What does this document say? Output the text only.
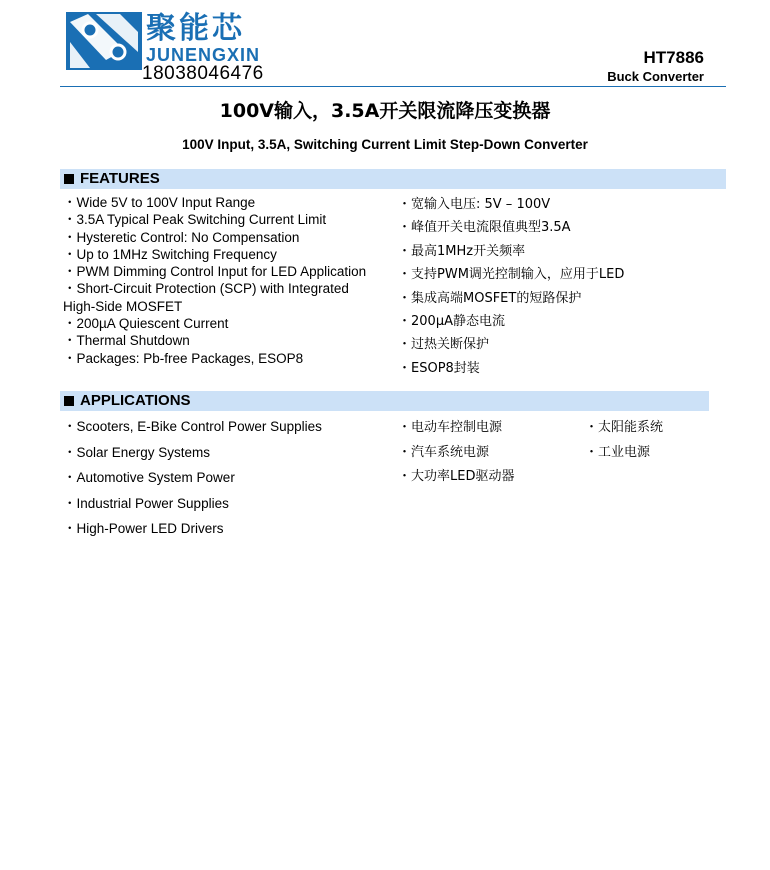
聚能芯
JUNENGXIN
18038046476
HT7886
Buck Converter
100V输入，3.5A开关限流降压变换器
100V Input, 3.5A, Switching Current Limit Step-Down Converter
FEATURES
・Wide 5V to 100V Input Range
・3.5A Typical Peak Switching Current Limit
・Hysteretic Control: No Compensation
・Up to 1MHz Switching Frequency
・PWM Dimming Control Input for LED Application
・Short-Circuit Protection (SCP) with Integrated
High-Side MOSFET
・200µA Quiescent Current
・Thermal Shutdown
・Packages: Pb-free Packages, ESOP8
・宽输入电压: 5V – 100V
・峰值开关电流限值典型3.5A
・最高1MHz开关频率
・支持PWM调光控制输入，应用于LED
・集成高端MOSFET的短路保护
・200µA静态电流
・过热关断保护
・ESOP8封装
APPLICATIONS
・Scooters, E-Bike Control Power Supplies
・Solar Energy Systems
・Automotive System Power
・Industrial Power Supplies
・High-Power LED Drivers
・电动车控制电源
・汽车系统电源
・大功率LED驱动器
・太阳能系统
・工业电源
